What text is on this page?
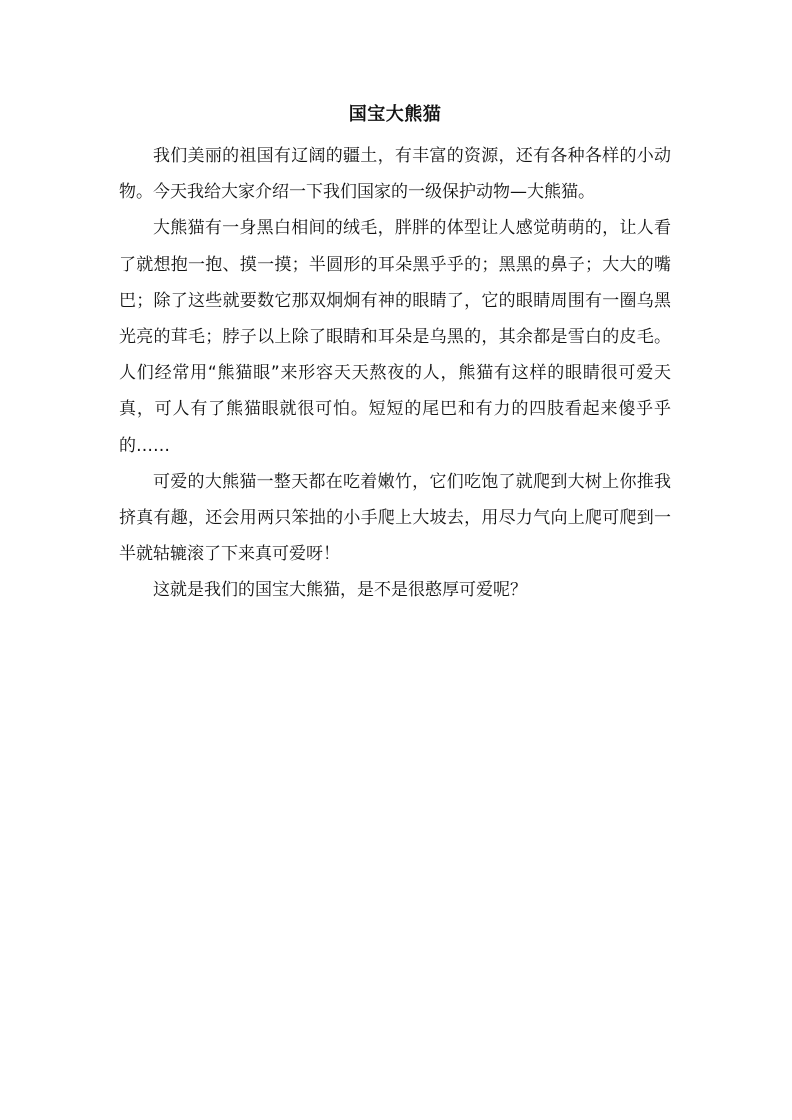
国宝大熊猫

我们美丽的祖国有辽阔的疆土，有丰富的资源，还有各种各样的小动物。今天我给大家介绍一下我们国家的一级保护动物—大熊猫。

大熊猫有一身黑白相间的绒毛，胖胖的体型让人感觉萌萌的，让人看了就想抱一抱、摸一摸；半圆形的耳朵黑乎乎的；黑黑的鼻子；大大的嘴巴；除了这些就要数它那双炯炯有神的眼睛了，它的眼睛周围有一圈乌黑光亮的茸毛；脖子以上除了眼睛和耳朵是乌黑的，其余都是雪白的皮毛。人们经常用“熊猫眼”来形容天天熬夜的人，熊猫有这样的眼睛很可爱天真，可人有了熊猫眼就很可怕。短短的尾巴和有力的四肢看起来傻乎乎的……

可爱的大熊猫一整天都在吃着嫩竹，它们吃饱了就爬到大树上你推我挤真有趣，还会用两只笨拙的小手爬上大坡去，用尽力气向上爬可爬到一半就轱辘滚了下来真可爱呀！

这就是我们的国宝大熊猫，是不是很憨厚可爱呢？
